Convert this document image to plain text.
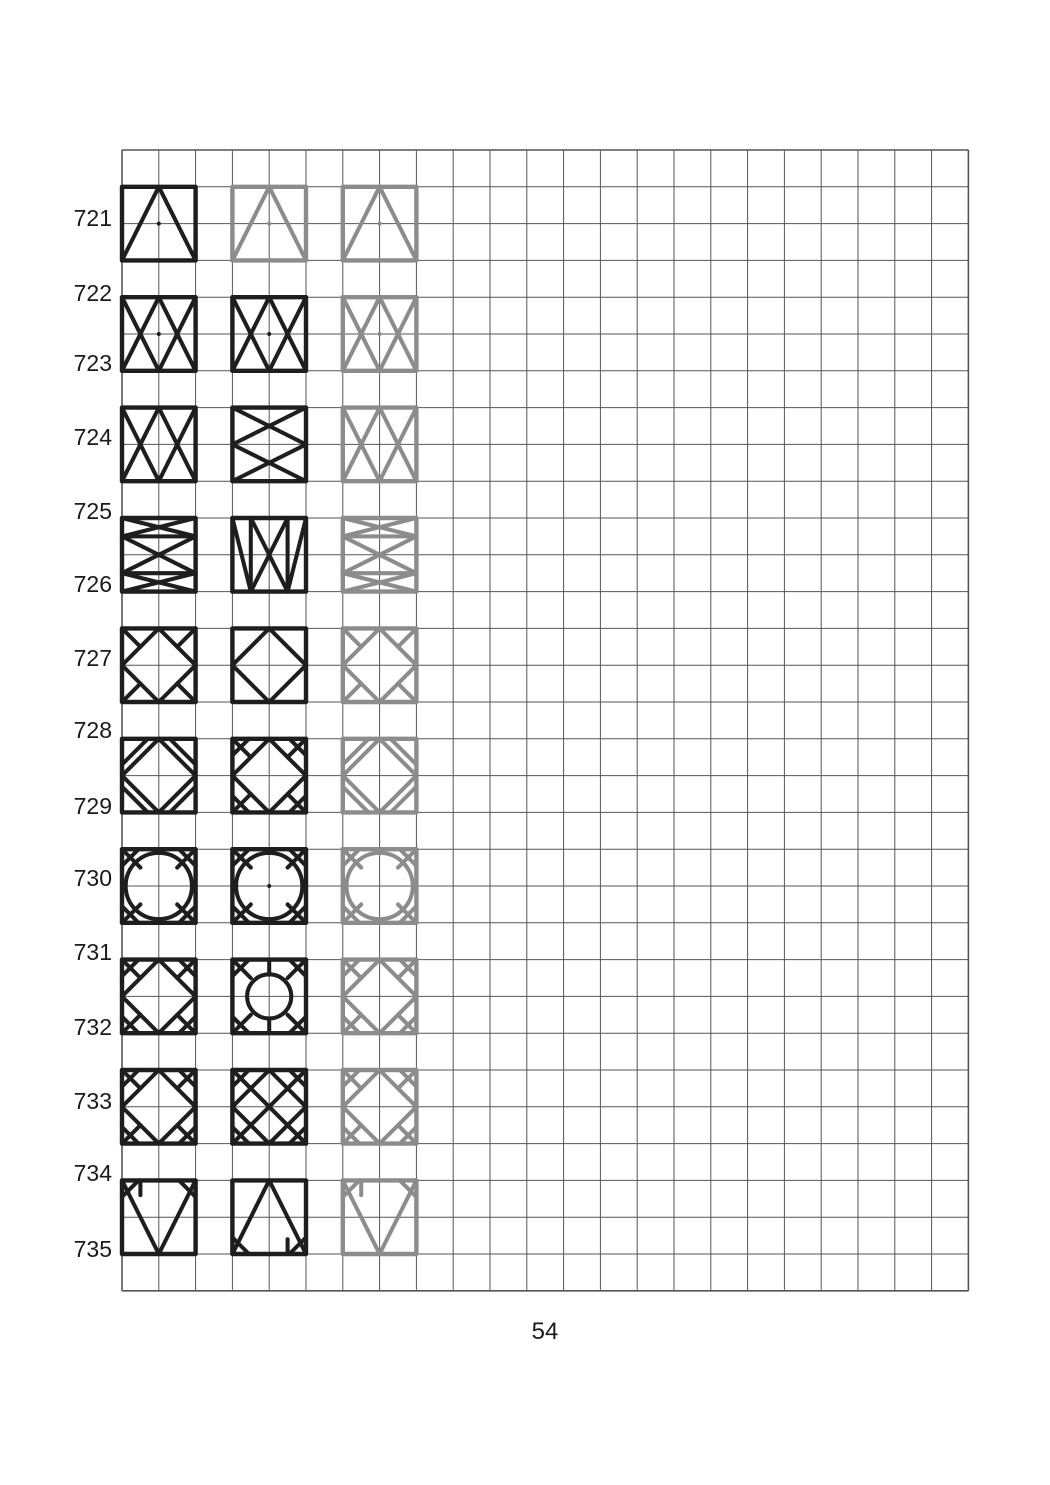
721
722
723
724
725
726
727
728
729
730
731
732
733
734
735
54
